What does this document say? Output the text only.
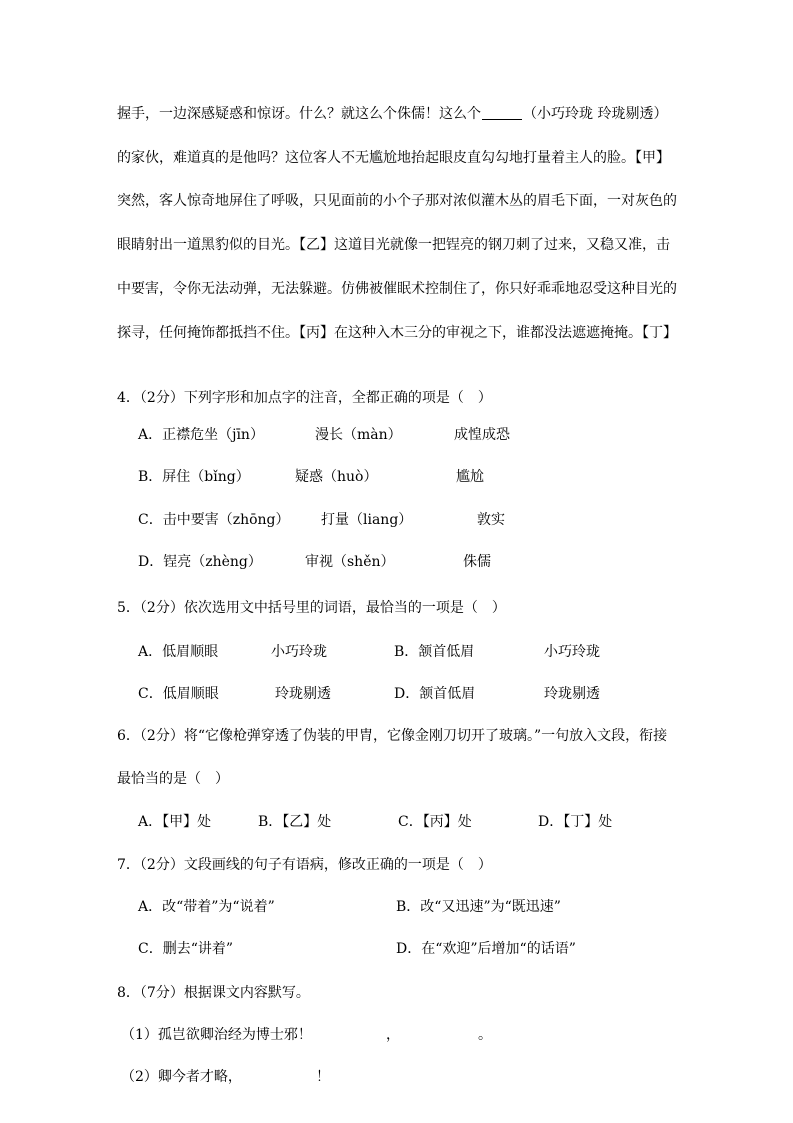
握手，一边深感疑惑和惊讶。什么？就这么个侏儒！这么个	（小巧玲珑 玲珑剔透）
的家伙，难道真的是他吗？这位客人不无尴尬地抬起眼皮直勾勾地打量着主人的脸。【甲】
突然，客人惊奇地屏住了呼吸，只见面前的小个子那对浓似灌木丛的眉毛下面，一对灰色的
眼睛射出一道黑豹似的目光。【乙】这道目光就像一把锃亮的钢刀刺了过来，又稳又准，击
中要害，令你无法动弹，无法躲避。仿佛被催眠术控制住了，你只好乖乖地忍受这种目光的
探寻，任何掩饰都抵挡不住。【丙】在这种入木三分的审视之下，谁都没法遮遮掩掩。【丁】
4．（2分）下列字形和加点字的注音，全都正确的项是（　）
A．正襟危坐（jīn）	漫长（màn）	成惶成恐
B．屏住（bǐng）	疑惑（huò）	尴尬
C．击中要害（zhōng） 打量（liang）	敦实
D．锃亮（zhèng）	审视（shěn）	侏儒
5．（2分）依次选用文中括号里的词语，最恰当的一项是（　）
A．低眉顺眼	小巧玲珑	B．颔首低眉	小巧玲珑
C．低眉顺眼	玲珑剔透	D．颔首低眉	玲珑剔透
6．（2分）将“它像枪弹穿透了伪装的甲胄，它像金刚刀切开了玻璃。”一句放入文段，衔接
最恰当的是（　）
A．【甲】处	B．【乙】处	C．【丙】处	D．【丁】处
7．（2分）文段画线的句子有语病，修改正确的一项是（　）
A．改“带着”为“说着”	B．改“又迅速”为“既迅速”
C．删去“讲着”	D．在“欢迎”后增加“的话语”
8．（7分）根据课文内容默写。
（1）孤岂欲卿治经为博士邪！	，	。
（2）卿今者才略，	！
